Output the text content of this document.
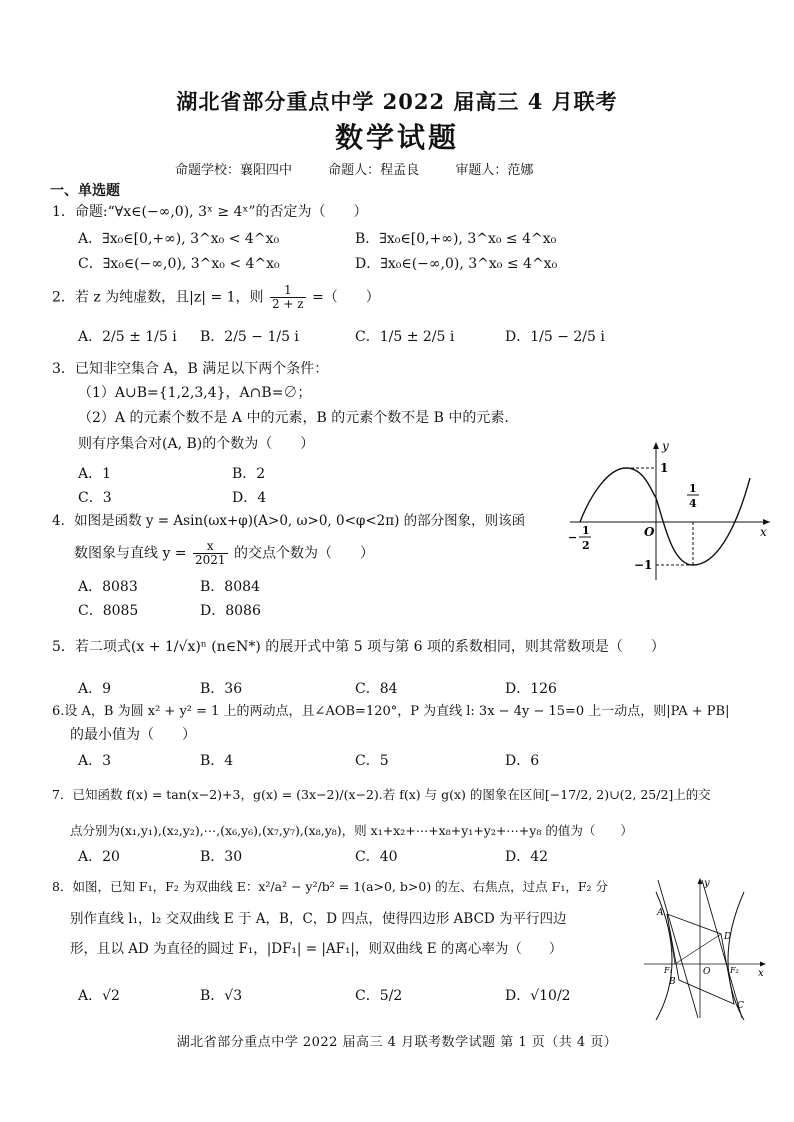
湖北省部分重点中学 2022 届高三 4 月联考
数学试题
命题学校：襄阳四中	命题人：程孟良	审题人：范娜
一、单选题
1．命题:“∀x∈(−∞,0), 3ˣ ≥ 4ˣ”的否定为（　　）
A．∃x₀∈[0,+∞), 3^x₀ < 4^x₀	B．∃x₀∈[0,+∞), 3^x₀ ≤ 4^x₀
C．∃x₀∈(−∞,0), 3^x₀ < 4^x₀	D．∃x₀∈(−∞,0), 3^x₀ ≤ 4^x₀
2．若 z 为纯虚数，且|z| = 1，则 $\frac{1}{2 + z}$ =（　　）
A．2/5 ± 1/5 i B．2/5 − 1/5 i	C．1/5 ± 2/5 i	D．1/5 − 2/5 i
3．已知非空集合 A，B 满足以下两个条件：
（1）A∪B={1,2,3,4}，A∩B=∅；
（2）A 的元素个数不是 A 中的元素，B 的元素个数不是 B 中的元素.
则有序集合对(A, B)的个数为（　　）
A．1	B．2
C．3	D．4
4．如图是函数 y = Asin(ωx+φ)(A>0, ω>0, 0<φ<2π) 的部分图象，则该函
数图象与直线 $y = \frac{x}{2021}$ 的交点个数为（　　）
A．8083	B．8084
C．8085	D．8086
y
x
O
1
−1
1
4
−
1
2
5．若二项式(x + 1/√x)ⁿ (n∈N*) 的展开式中第 5 项与第 6 项的系数相同，则其常数项是（　　）
A．9	B．36	C．84	D．126
6.设 A，B 为圆 x² + y² = 1 上的两动点，且∠AOB=120°，P 为直线 l: 3x − 4y − 15=0 上一动点，则|PA + PB|
的最小值为（　　）
A．3	B．4	C．5	D．6
7．已知函数 f(x) = tan(x−2)+3，g(x) = (3x−2)/(x−2).若 f(x) 与 g(x) 的图象在区间[−17/2, 2)∪(2, 25/2]上的交
点分别为(x₁,y₁),(x₂,y₂),⋯,(x₆,y₆),(x₇,y₇),(x₈,y₈)，则 x₁+x₂+⋯+x₈+y₁+y₂+⋯+y₈ 的值为（　　）
A．20	B．30	C．40	D．42
8．如图，已知 F₁，F₂ 为双曲线 E：x²/a² − y²/b² = 1(a>0, b>0) 的左、右焦点，过点 F₁，F₂ 分
别作直线 l₁，l₂ 交双曲线 E 于 A，B，C，D 四点，使得四边形 ABCD 为平行四边
形，且以 AD 为直径的圆过 F₁，|DF₁| = |AF₁|，则双曲线 E 的离心率为（　　）
A．√2	B．√3	C．5/2	D．√10/2
y
x
O
A
D
B
C
F₁	F₂
湖北省部分重点中学 2022 届高三 4 月联考数学试题 第 1 页（共 4 页）
